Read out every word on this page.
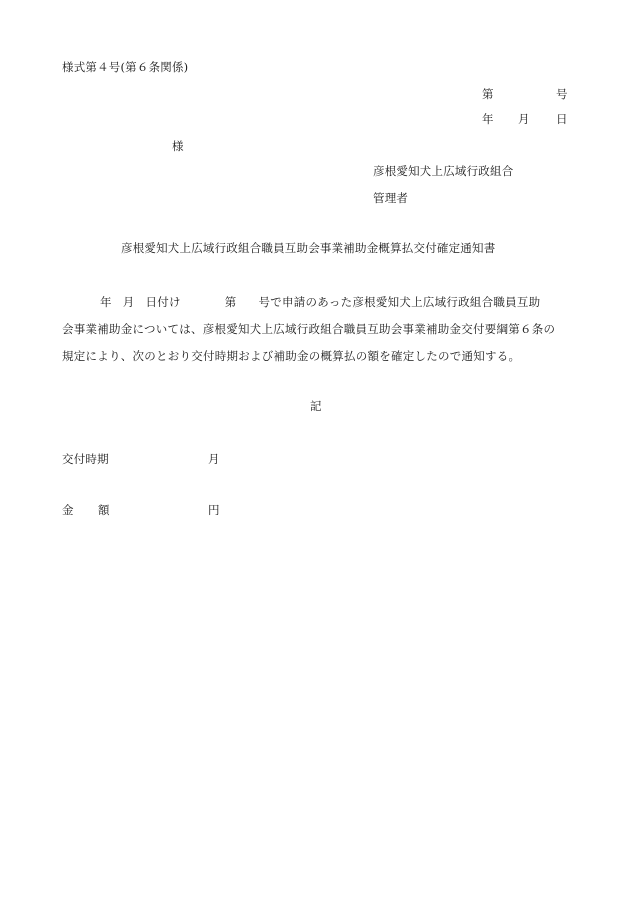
様式第４号(第６条関係)
第	号
年 月 日
様
彦根愛知犬上広域行政組合
管理者
彦根愛知犬上広域行政組合職員互助会事業補助金概算払交付確定通知書

年 月 日付け	第 号で申請のあった彦根愛知犬上広域行政組合職員互助

会事業補助金については、彦根愛知犬上広域行政組合職員互助会事業補助金交付要綱第６条の

規定により、次のとおり交付時期および補助金の概算払の額を確定したので通知する。

記
交付時期	月
金 額	円
